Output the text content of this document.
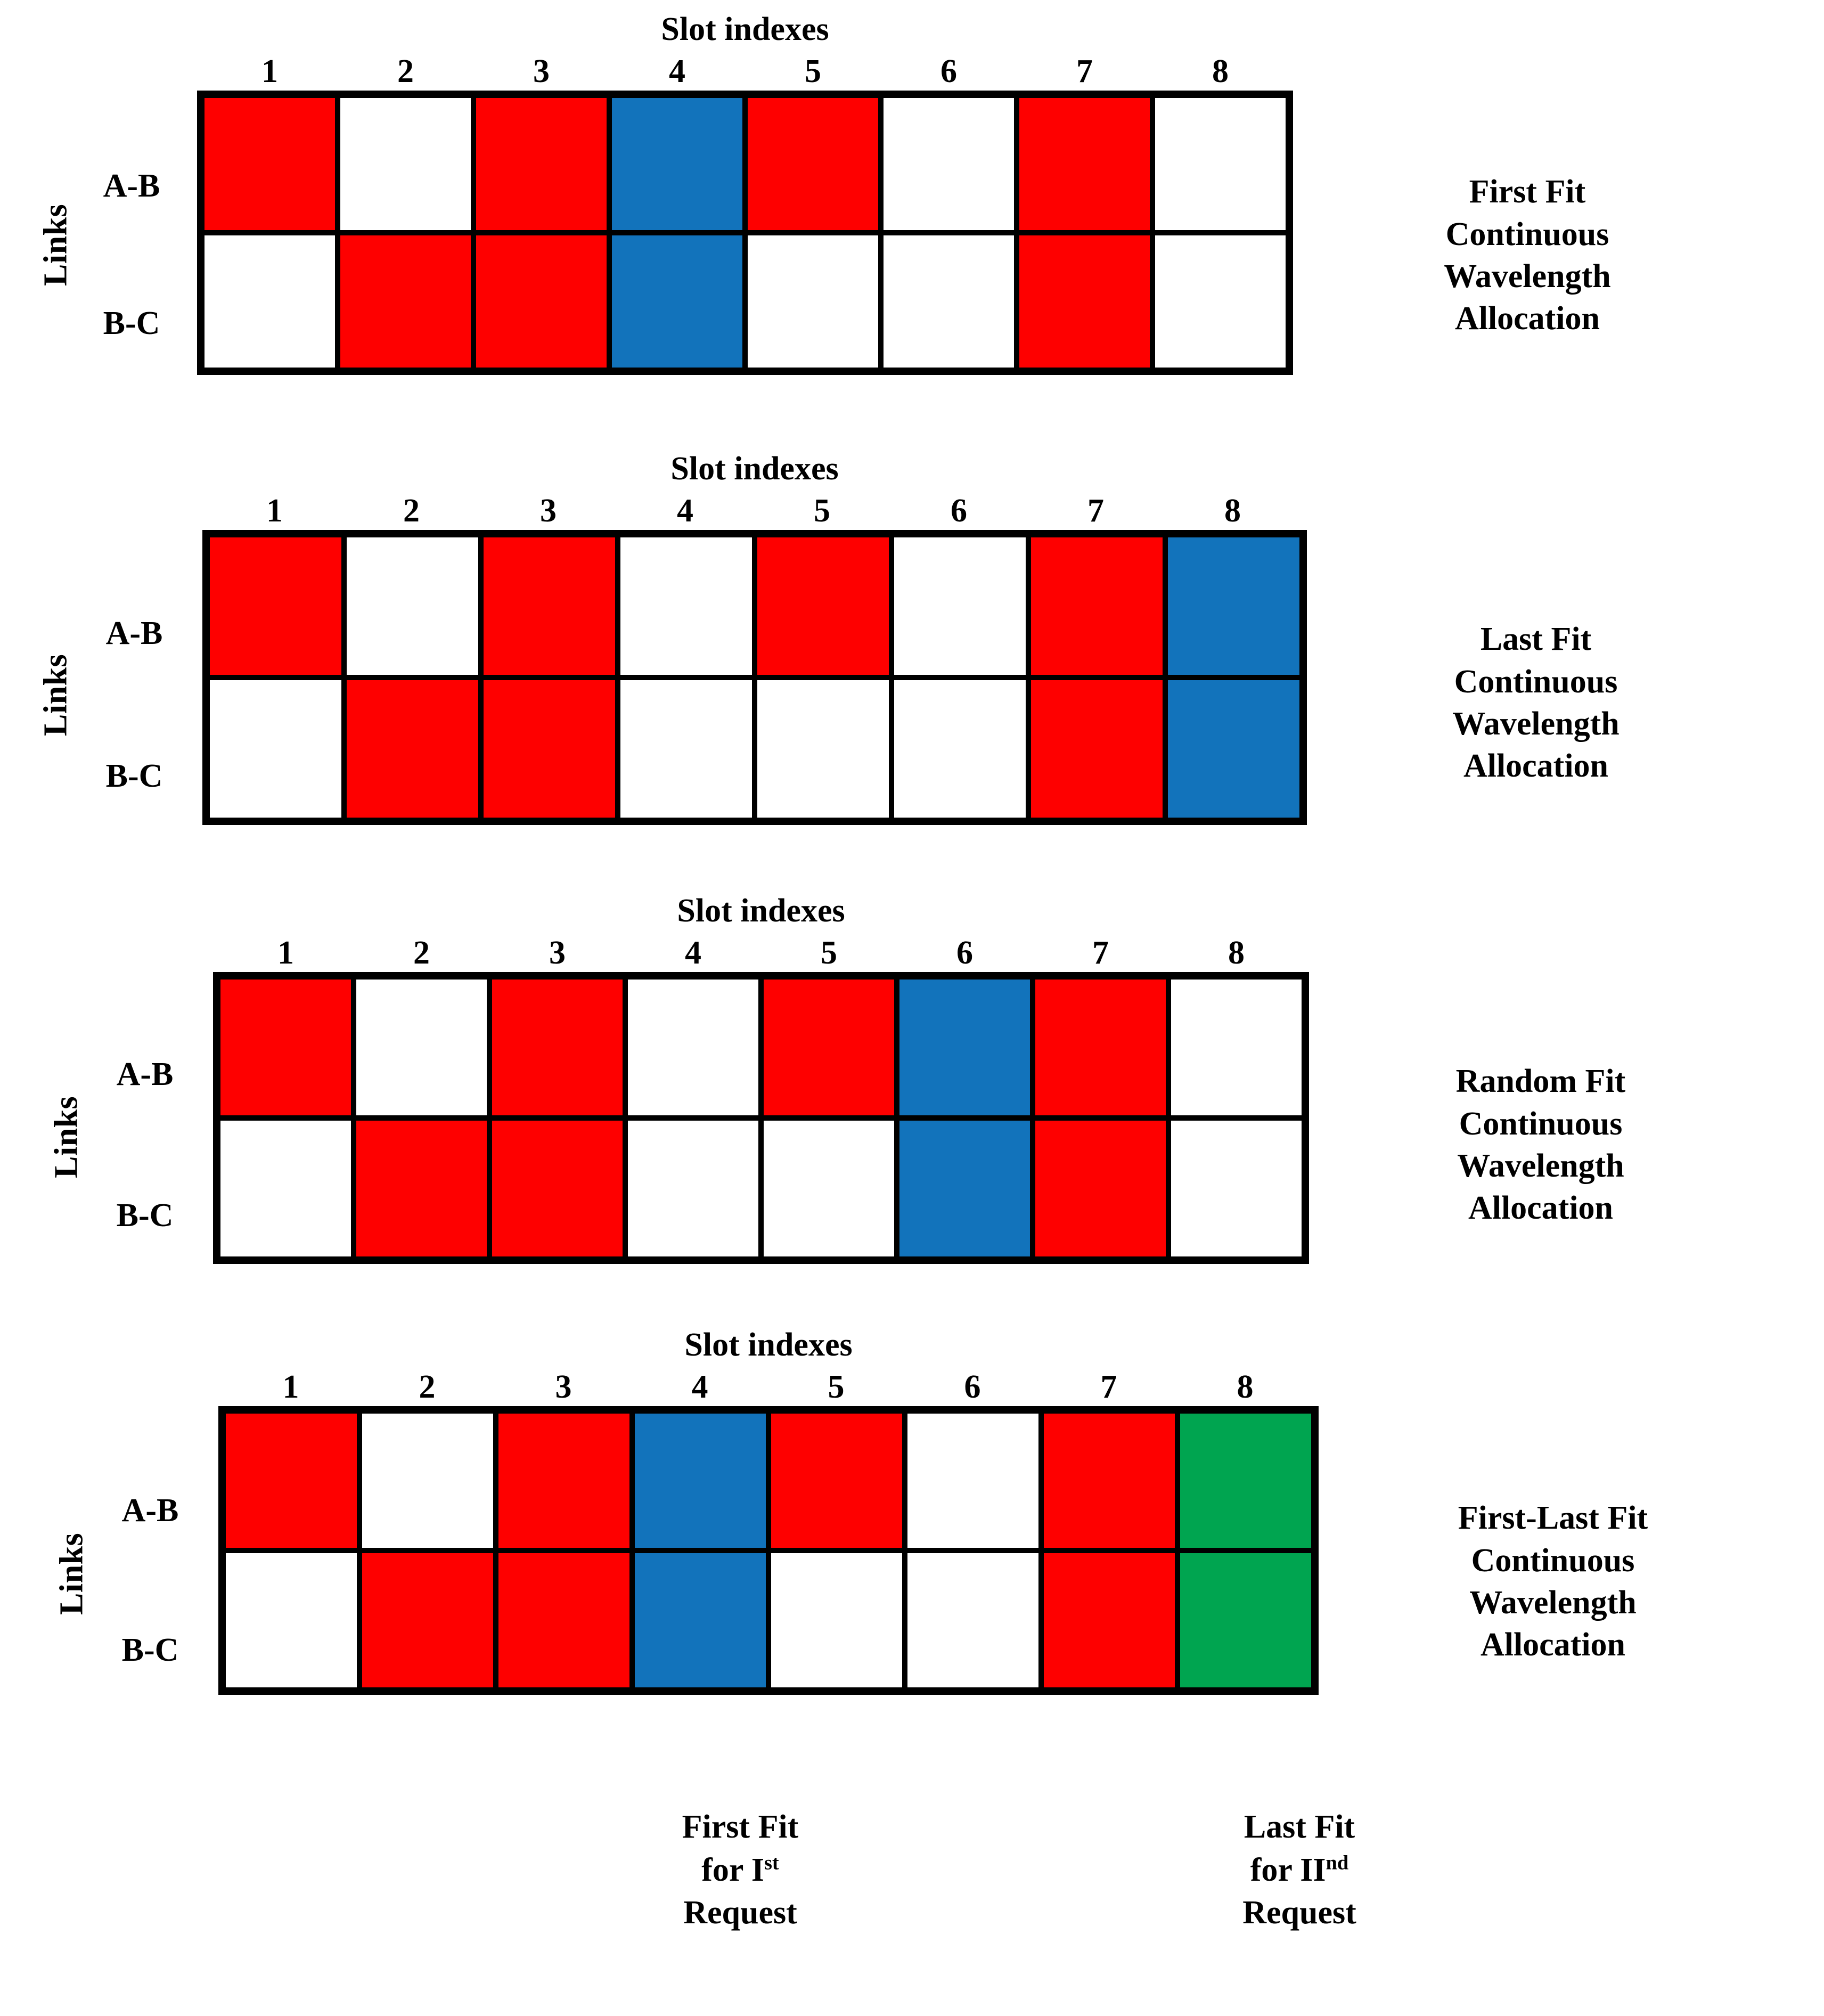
Links
A-B
B-C
Slot indexes
1	2	3	4	5	6	7	8
First Fit
Continuous
Wavelength
Allocation
Links
A-B
B-C
Slot indexes
1	2	3	4	5	6	7	8
Last Fit
Continuous
Wavelength
Allocation
Links
A-B
B-C
Slot indexes
1	2	3	4	5	6	7	8
Random Fit
Continuous
Wavelength
Allocation
Links
A-B
B-C
Slot indexes
1	2	3	4	5	6	7	8
First-Last Fit
Continuous
Wavelength
Allocation
First Fit
for Ist
Request
Last Fit
for IInd
Request
